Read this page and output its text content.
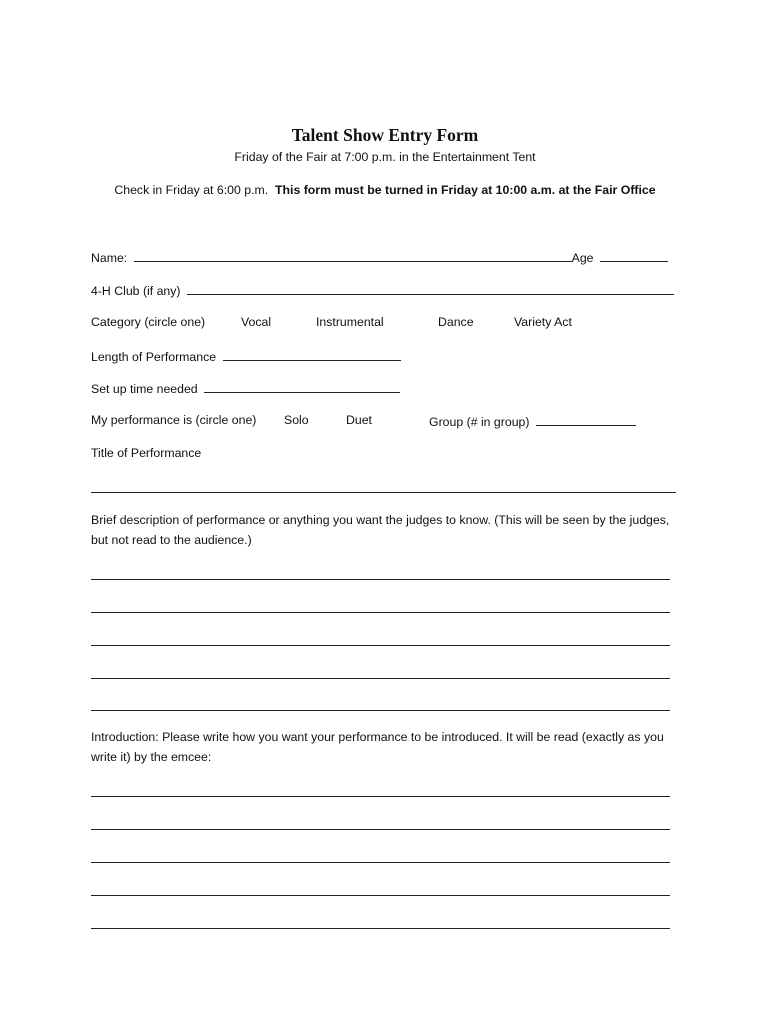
Talent Show Entry Form
Friday of the Fair at 7:00 p.m. in the Entertainment Tent
Check in Friday at 6:00 p.m. This form must be turned in Friday at 10:00 a.m. at the Fair Office
Name:	Age
4-H Club (if any)
Category (circle one)	Vocal	Instrumental	Dance	Variety Act
Length of Performance
Set up time needed
My performance is (circle one) Solo	Duet	Group (# in group)
Title of Performance
Brief description of performance or anything you want the judges to know. (This will be seen by the judges, but not read to the audience.)
Introduction: Please write how you want your performance to be introduced. It will be read (exactly as you write it) by the emcee:
